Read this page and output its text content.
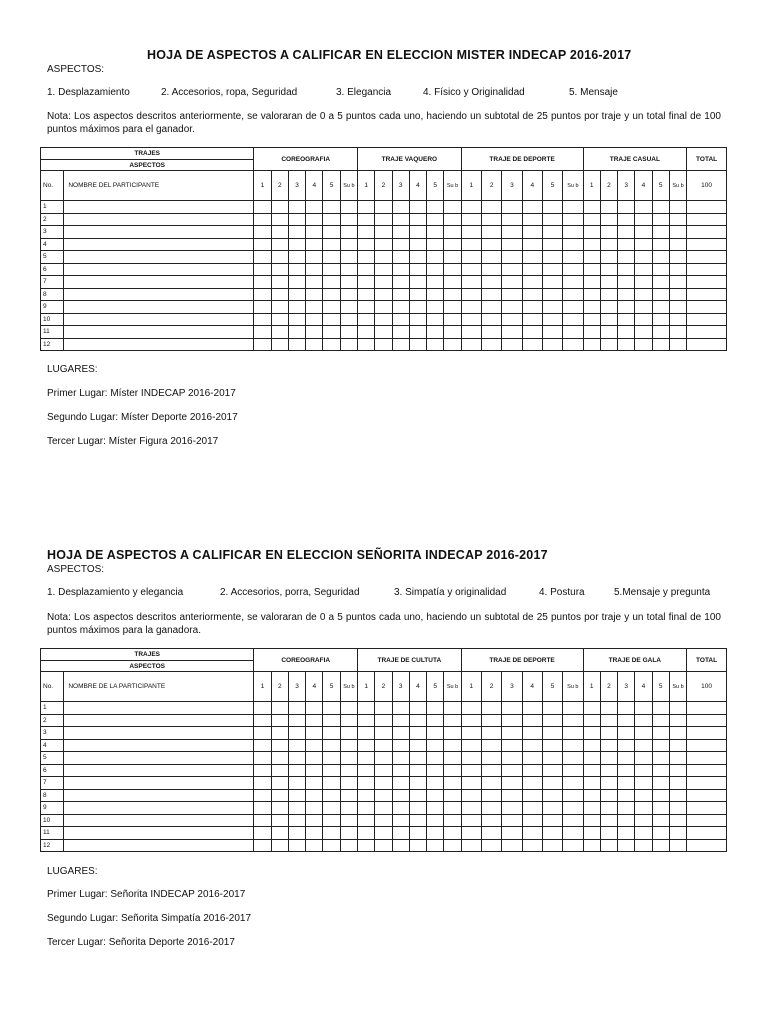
HOJA DE ASPECTOS A CALIFICAR EN ELECCION MISTER INDECAP 2016-2017
ASPECTOS:
1. Desplazamiento	2. Accesorios, ropa, Seguridad	3. Elegancia	4. Físico y Originalidad	5. Mensaje
Nota: Los aspectos descritos anteriormente, se valoraran de 0 a 5 puntos cada uno, haciendo un subtotal de 25 puntos por traje y un total final de 100 puntos máximos para el ganador.
TRAJES		COREOGRAFIA						TRAJE VAQUERO						TRAJE DE DEPORTE						TRAJE CASUAL						TOTAL
ASPECTOS																										
No.	NOMBRE DEL PARTICIPANTE	1	2	3	4	5	Su b	1	2	3	4	5	Su b	1	2	3	4	5	Su b	1	2	3	4	5	Su b	100
1																										
2																										
3																										
4																										
5																										
6																										
7																										
8																										
9																										
10																										
11																										
12																										
LUGARES:
Primer Lugar: Míster INDECAP 2016-2017
Segundo Lugar: Míster Deporte 2016-2017
Tercer Lugar: Míster Figura 2016-2017
HOJA DE ASPECTOS A CALIFICAR EN ELECCION SEÑORITA INDECAP 2016-2017
ASPECTOS:
1. Desplazamiento y elegancia	2. Accesorios, porra, Seguridad	3. Simpatía y originalidad	4. Postura	5.Mensaje y pregunta
Nota: Los aspectos descritos anteriormente, se valoraran de 0 a 5 puntos cada uno, haciendo un subtotal de 25 puntos por traje y un total final de 100 puntos máximos para la ganadora.
TRAJES		COREOGRAFIA						TRAJE DE CULTUTA						TRAJE DE DEPORTE						TRAJE DE GALA						TOTAL
ASPECTOS																										
No.	NOMBRE DE LA PARTICIPANTE	1	2	3	4	5	Su b	1	2	3	4	5	Su b	1	2	3	4	5	Su b	1	2	3	4	5	Su b	100
1																										
2																										
3																										
4																										
5																										
6																										
7																										
8																										
9																										
10																										
11																										
12																										
LUGARES:
Primer Lugar: Señorita INDECAP 2016-2017
Segundo Lugar: Señorita Simpatía 2016-2017
Tercer Lugar: Señorita Deporte 2016-2017
